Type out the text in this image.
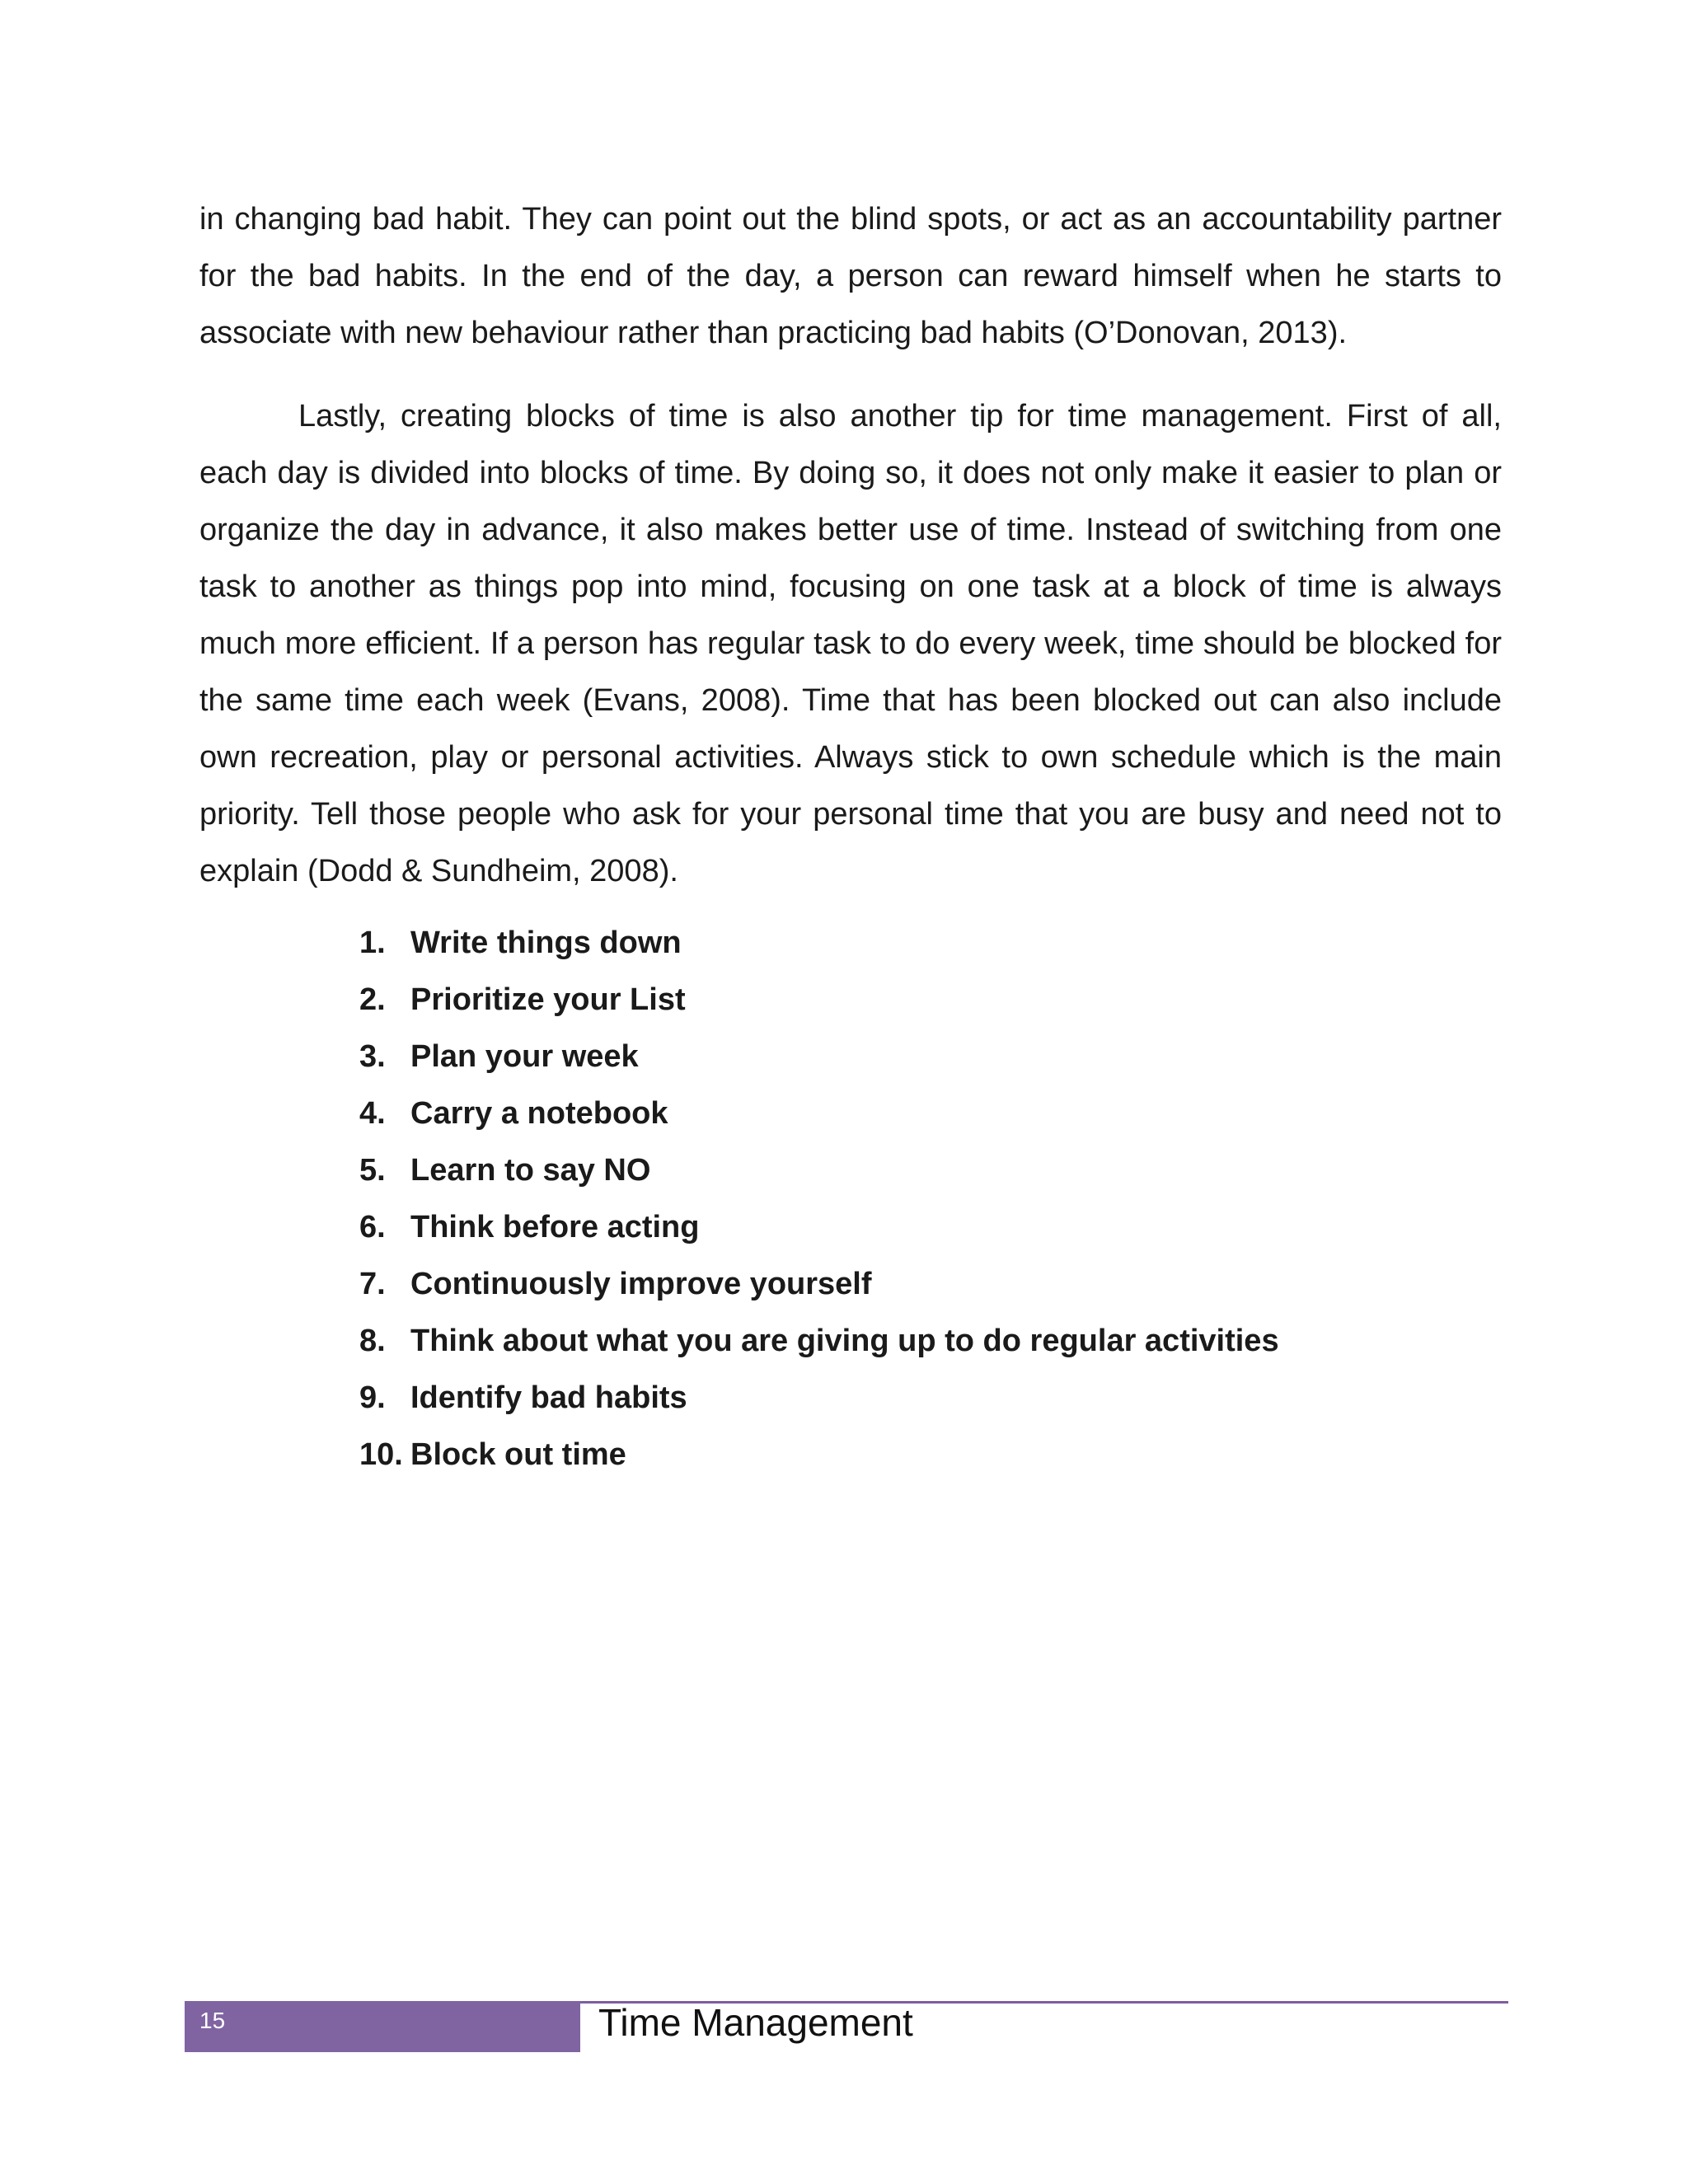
in changing bad habit. They can point out the blind spots, or act as an accountability partner for the bad habits. In the end of the day, a person can reward himself when he starts to associate with new behaviour rather than practicing bad habits (O’Donovan, 2013).

Lastly, creating blocks of time is also another tip for time management. First of all, each day is divided into blocks of time. By doing so, it does not only make it easier to plan or organize the day in advance, it also makes better use of time. Instead of switching from one task to another as things pop into mind, focusing on one task at a block of time is always much more efficient. If a person has regular task to do every week, time should be blocked for the same time each week (Evans, 2008). Time that has been blocked out can also include own recreation, play or personal activities. Always stick to own schedule which is the main priority. Tell those people who ask for your personal time that you are busy and need not to explain (Dodd & Sundheim, 2008).

1. Write things down
2. Prioritize your List
3. Plan your week
4. Carry a notebook
5. Learn to say NO
6. Think before acting
7. Continuously improve yourself
8. Think about what you are giving up to do regular activities
9. Identify bad habits
10. Block out time
15	Time Management
